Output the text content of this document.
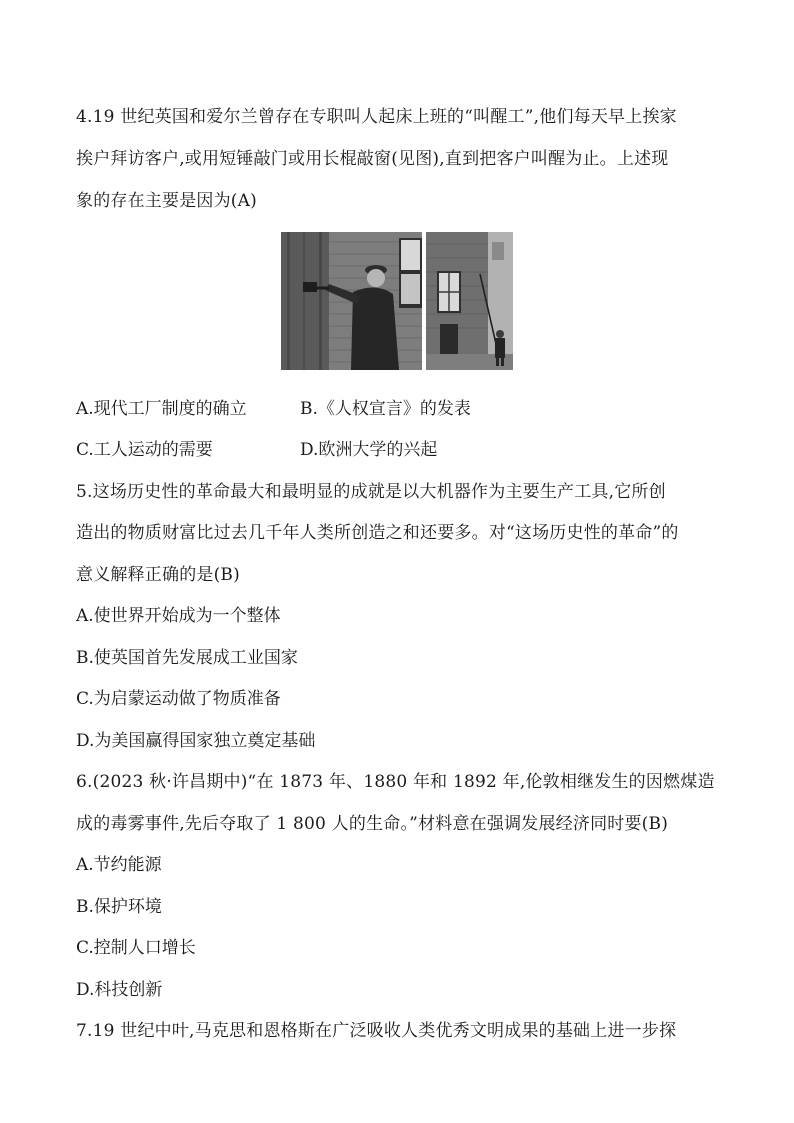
4.19 世纪英国和爱尔兰曾存在专职叫人起床上班的“叫醒工”,他们每天早上挨家
挨户拜访客户,或用短锤敲门或用长棍敲窗(见图),直到把客户叫醒为止。上述现
象的存在主要是因为(A)
A.现代工厂制度的确立	B.《人权宣言》的发表
C.工人运动的需要	D.欧洲大学的兴起
5.这场历史性的革命最大和最明显的成就是以大机器作为主要生产工具,它所创
造出的物质财富比过去几千年人类所创造之和还要多。对“这场历史性的革命”的
意义解释正确的是(B)
A.使世界开始成为一个整体
B.使英国首先发展成工业国家
C.为启蒙运动做了物质准备
D.为美国赢得国家独立奠定基础
6.(2023 秋·许昌期中)“在 1873 年、1880 年和 1892 年,伦敦相继发生的因燃煤造
成的毒雾事件,先后夺取了 1 800 人的生命。”材料意在强调发展经济同时要(B)
A.节约能源
B.保护环境
C.控制人口增长
D.科技创新
7.19 世纪中叶,马克思和恩格斯在广泛吸收人类优秀文明成果的基础上进一步探
